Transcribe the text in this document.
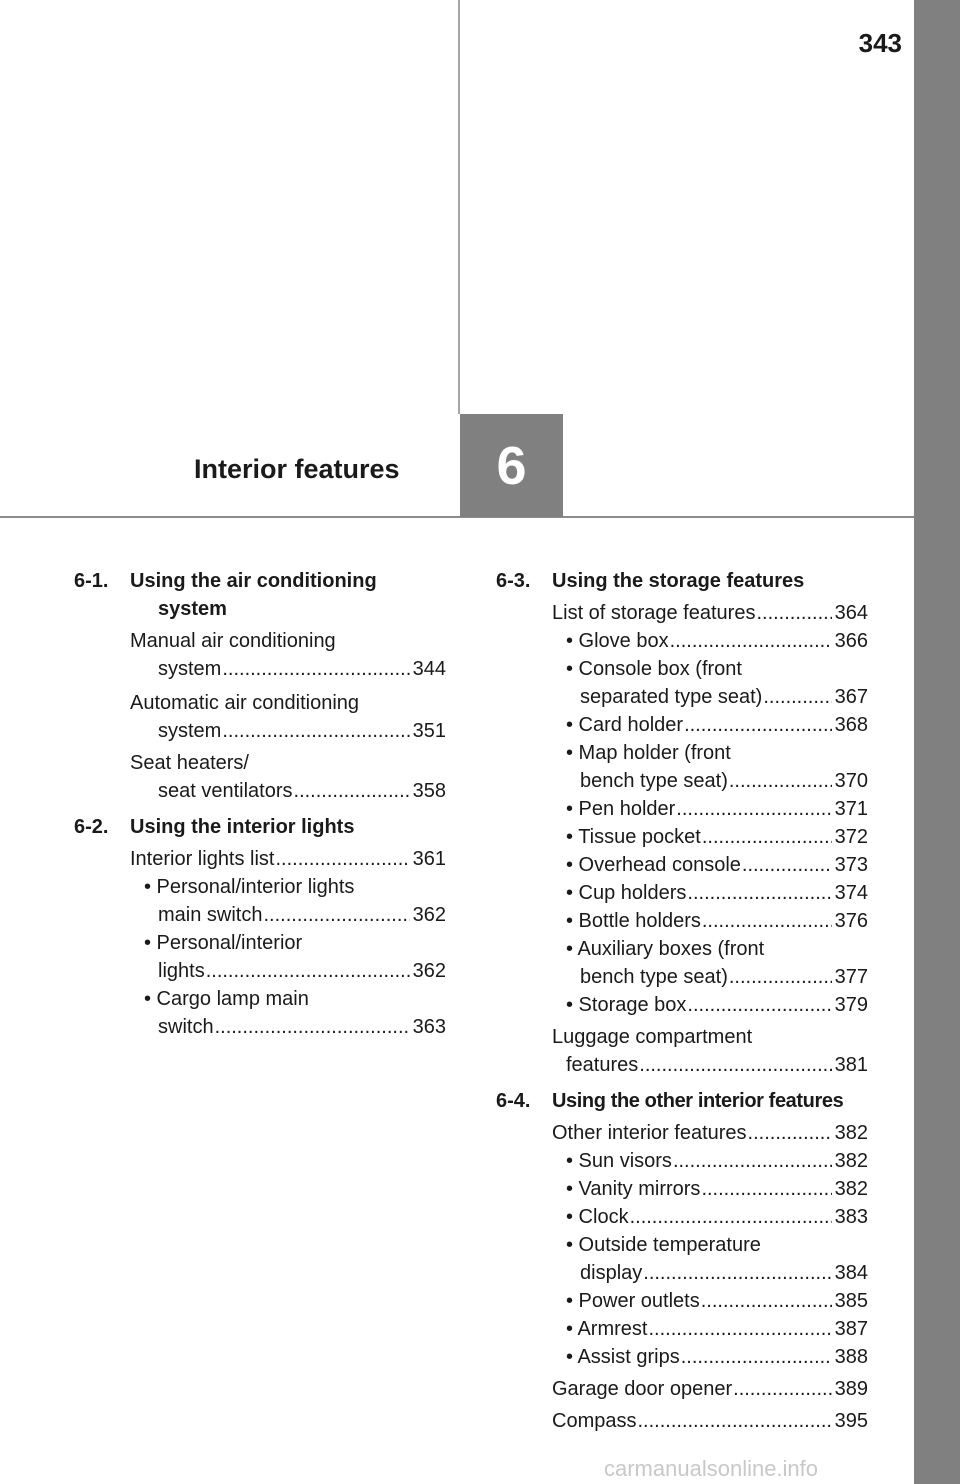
343
Interior features	6
6-1. Using the air conditioning
system
Manual air conditioning
system .....	344
Automatic air conditioning
system .....	351
Seat heaters/
seat ventilators .....	358
6-2. Using the interior lights
Interior lights list .....	361
• Personal/interior lights
main switch .....	362
• Personal/interior
lights .....	362
• Cargo lamp main
switch .....	363
6-3. Using the storage features
List of storage features .....	364
• Glove box .....	366
• Console box (front
separated type seat) .....	367
• Card holder .....	368
• Map holder (front
bench type seat) .....	370
• Pen holder .....	371
• Tissue pocket .....	372
• Overhead console .....	373
• Cup holders .....	374
• Bottle holders .....	376
• Auxiliary boxes (front
bench type seat) .....	377
• Storage box .....	379
Luggage compartment
features .....	381
6-4. Using the other interior features
Other interior features .....	382
• Sun visors .....	382
• Vanity mirrors .....	382
• Clock .....	383
• Outside temperature
display .....	384
• Power outlets .....	385
• Armrest .....	387
• Assist grips .....	388
Garage door opener .....	389
Compass .....	395
carmanualsonline.info
